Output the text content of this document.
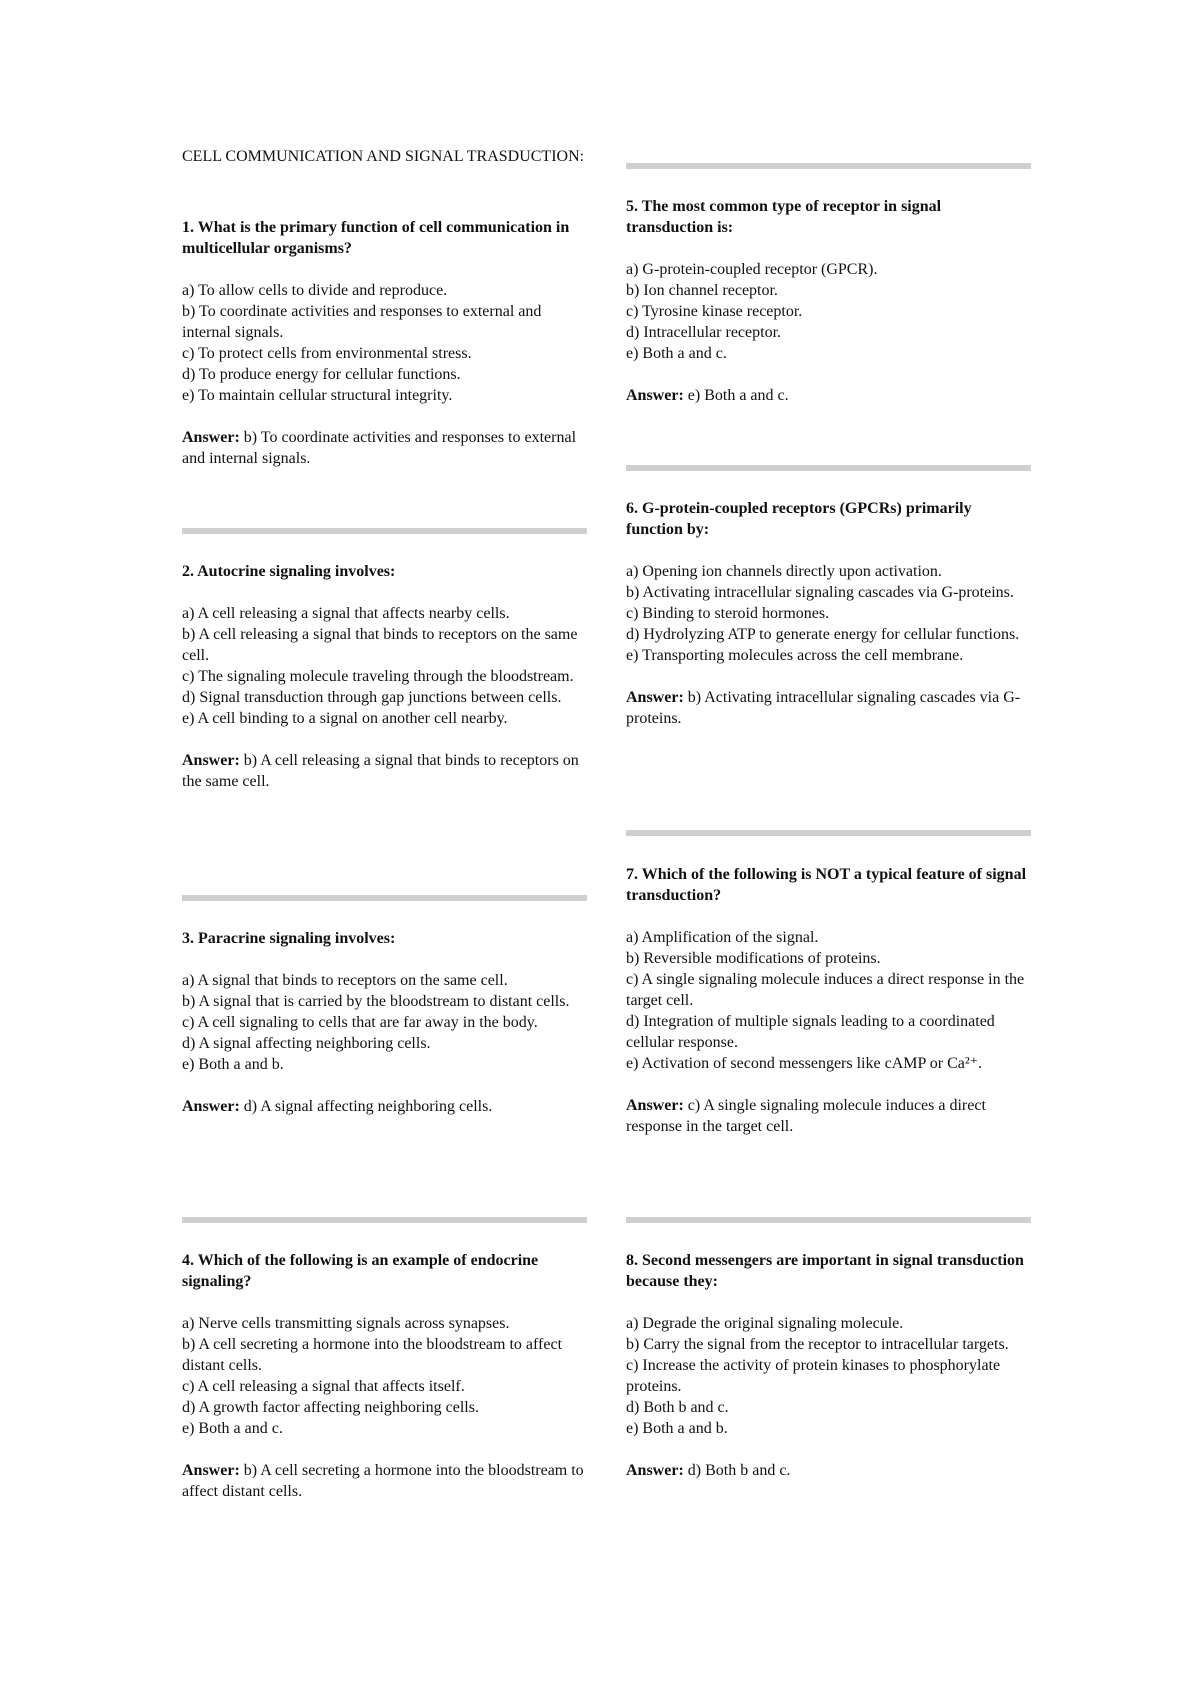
CELL COMMUNICATION AND SIGNAL TRASDUCTION:

1. What is the primary function of cell communication in multicellular organisms?

a) To allow cells to divide and reproduce.

b) To coordinate activities and responses to external and internal signals.

c) To protect cells from environmental stress.

d) To produce energy for cellular functions.

e) To maintain cellular structural integrity.

Answer: b) To coordinate activities and responses to external and internal signals.

2. Autocrine signaling involves:

a) A cell releasing a signal that affects nearby cells.

b) A cell releasing a signal that binds to receptors on the same cell.

c) The signaling molecule traveling through the bloodstream.

d) Signal transduction through gap junctions between cells.

e) A cell binding to a signal on another cell nearby.

Answer: b) A cell releasing a signal that binds to receptors on the same cell.

3. Paracrine signaling involves:

a) A signal that binds to receptors on the same cell.

b) A signal that is carried by the bloodstream to distant cells.

c) A cell signaling to cells that are far away in the body.

d) A signal affecting neighboring cells.

e) Both a and b.

Answer: d) A signal affecting neighboring cells.

4. Which of the following is an example of endocrine signaling?

a) Nerve cells transmitting signals across synapses.

b) A cell secreting a hormone into the bloodstream to affect distant cells.

c) A cell releasing a signal that affects itself.

d) A growth factor affecting neighboring cells.

e) Both a and c.

Answer: b) A cell secreting a hormone into the bloodstream to affect distant cells.

5. The most common type of receptor in signal transduction is:

a) G-protein-coupled receptor (GPCR).

b) Ion channel receptor.

c) Tyrosine kinase receptor.

d) Intracellular receptor.

e) Both a and c.

Answer: e) Both a and c.

6. G-protein-coupled receptors (GPCRs) primarily function by:

a) Opening ion channels directly upon activation.

b) Activating intracellular signaling cascades via G-proteins.

c) Binding to steroid hormones.

d) Hydrolyzing ATP to generate energy for cellular functions.

e) Transporting molecules across the cell membrane.

Answer: b) Activating intracellular signaling cascades via G-proteins.

7. Which of the following is NOT a typical feature of signal transduction?

a) Amplification of the signal.

b) Reversible modifications of proteins.

c) A single signaling molecule induces a direct response in the target cell.

d) Integration of multiple signals leading to a coordinated cellular response.

e) Activation of second messengers like cAMP or Ca²⁺.

Answer: c) A single signaling molecule induces a direct response in the target cell.

8. Second messengers are important in signal transduction because they:

a) Degrade the original signaling molecule.

b) Carry the signal from the receptor to intracellular targets.

c) Increase the activity of protein kinases to phosphorylate proteins.

d) Both b and c.

e) Both a and b.

Answer: d) Both b and c.
